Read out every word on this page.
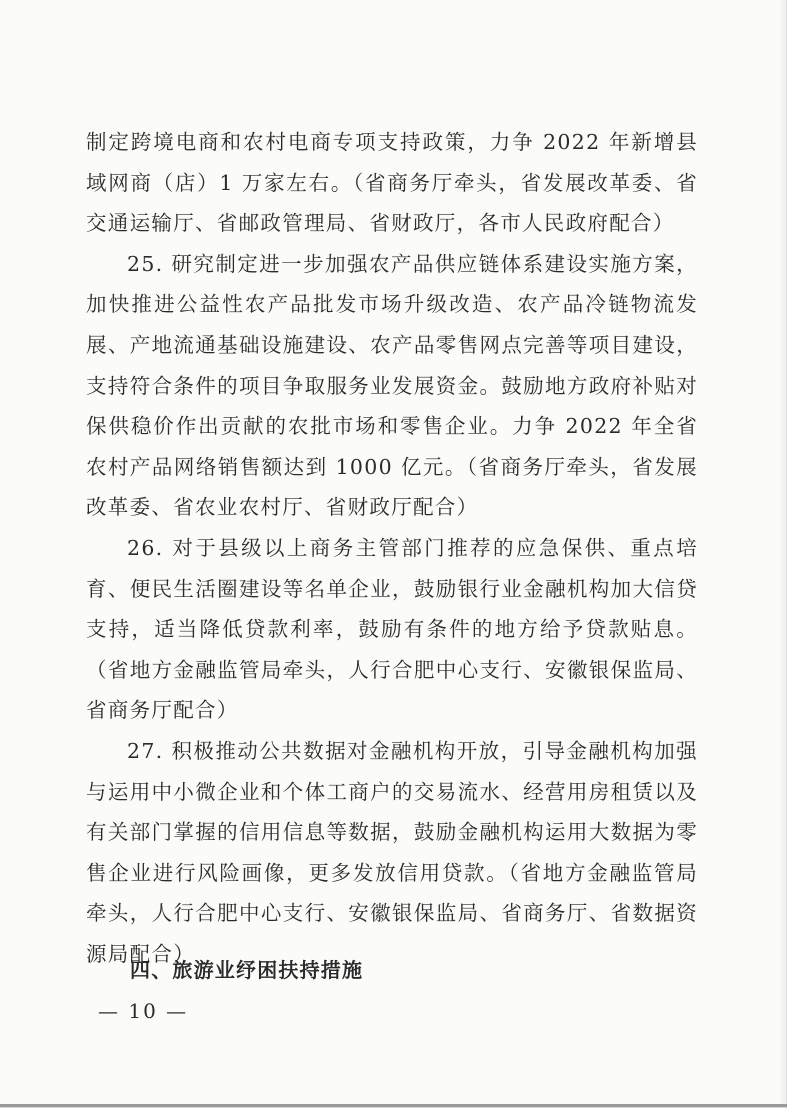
制定跨境电商和农村电商专项支持政策，力争 2022 年新增县域网商（店）1 万家左右。（省商务厅牵头，省发展改革委、省交通运输厅、省邮政管理局、省财政厅，各市人民政府配合）

25. 研究制定进一步加强农产品供应链体系建设实施方案，加快推进公益性农产品批发市场升级改造、农产品冷链物流发展、产地流通基础设施建设、农产品零售网点完善等项目建设，支持符合条件的项目争取服务业发展资金。鼓励地方政府补贴对保供稳价作出贡献的农批市场和零售企业。力争 2022 年全省农村产品网络销售额达到 1000 亿元。（省商务厅牵头，省发展改革委、省农业农村厅、省财政厅配合）

26. 对于县级以上商务主管部门推荐的应急保供、重点培育、便民生活圈建设等名单企业，鼓励银行业金融机构加大信贷支持，适当降低贷款利率，鼓励有条件的地方给予贷款贴息。（省地方金融监管局牵头，人行合肥中心支行、安徽银保监局、省商务厅配合）

27. 积极推动公共数据对金融机构开放，引导金融机构加强与运用中小微企业和个体工商户的交易流水、经营用房租赁以及有关部门掌握的信用信息等数据，鼓励金融机构运用大数据为零售企业进行风险画像，更多发放信用贷款。（省地方金融监管局牵头，人行合肥中心支行、安徽银保监局、省商务厅、省数据资源局配合）

四、旅游业纾困扶持措施
— 10 —
